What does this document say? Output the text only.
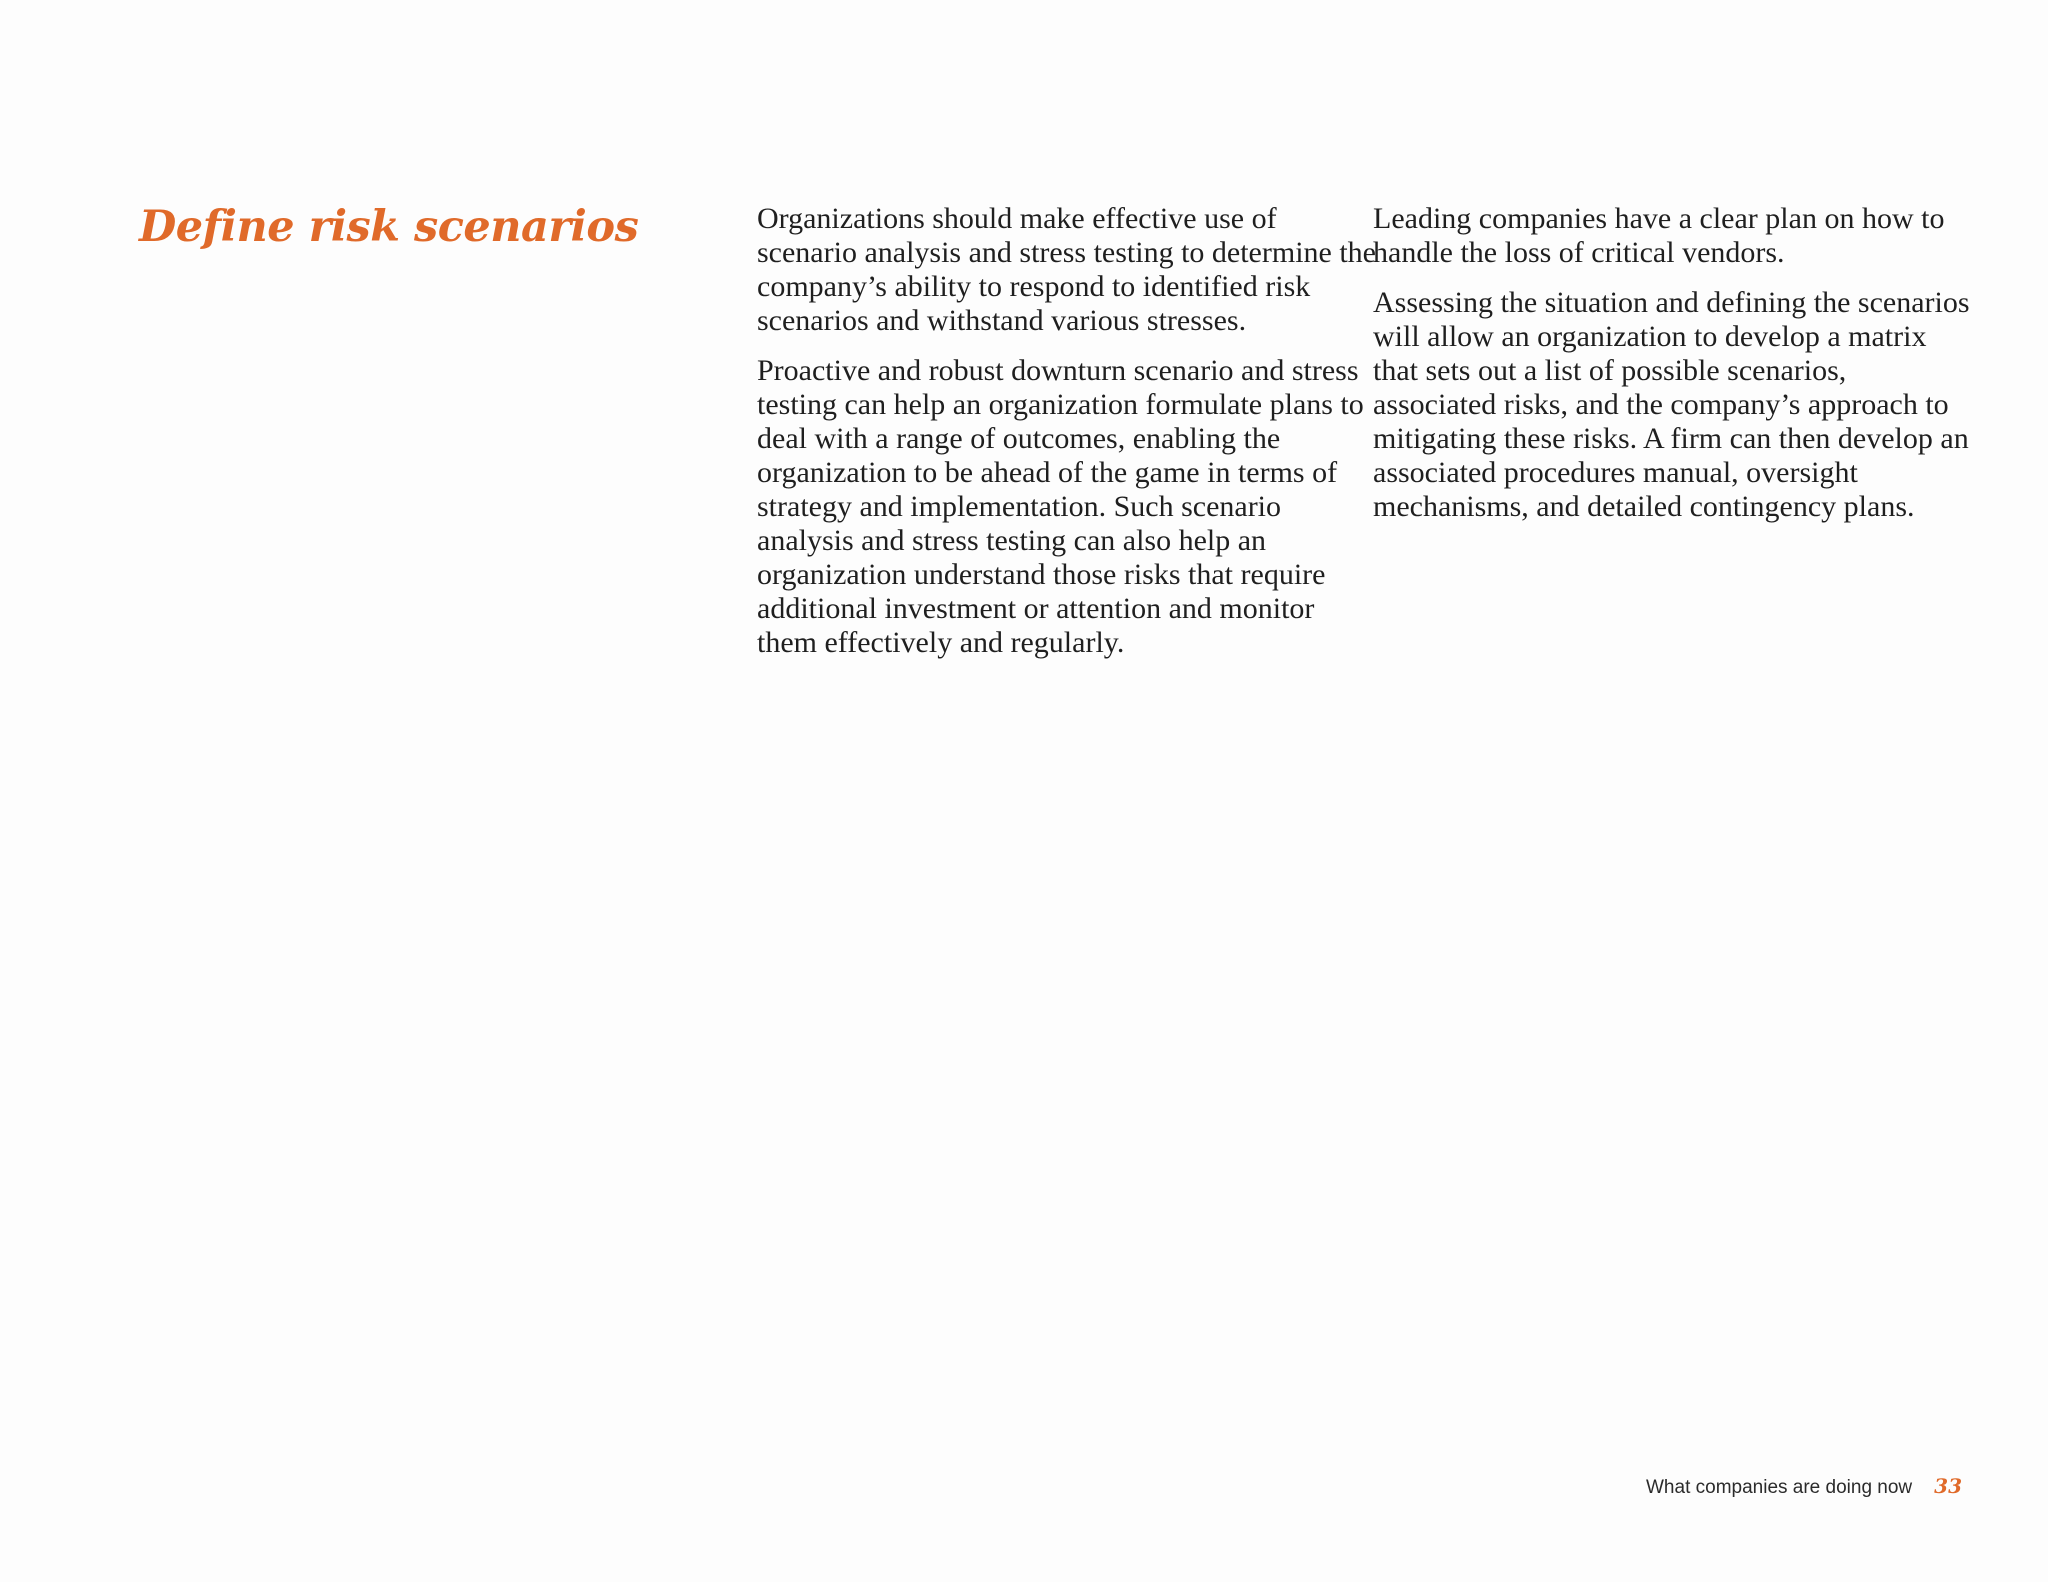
Define risk scenarios	Organizations should make effective use of scenario analysis and stress testing to determine the company’s ability to respond to identified risk scenarios and withstand various stresses.

Proactive and robust downturn scenario and stress testing can help an organization formulate plans to deal with a range of outcomes, enabling the organization to be ahead of the game in terms of strategy and implementation. Such scenario analysis and stress testing can also help an organization understand those risks that require additional investment or attention and monitor them effectively and regularly.

Leading companies have a clear plan on how to handle the loss of critical vendors.

Assessing the situation and defining the scenarios will allow an organization to develop a matrix that sets out a list of possible scenarios, associated risks, and the company’s approach to mitigating these risks. A firm can then develop an associated procedures manual, oversight mechanisms, and detailed contingency plans.

What companies are doing now 33
